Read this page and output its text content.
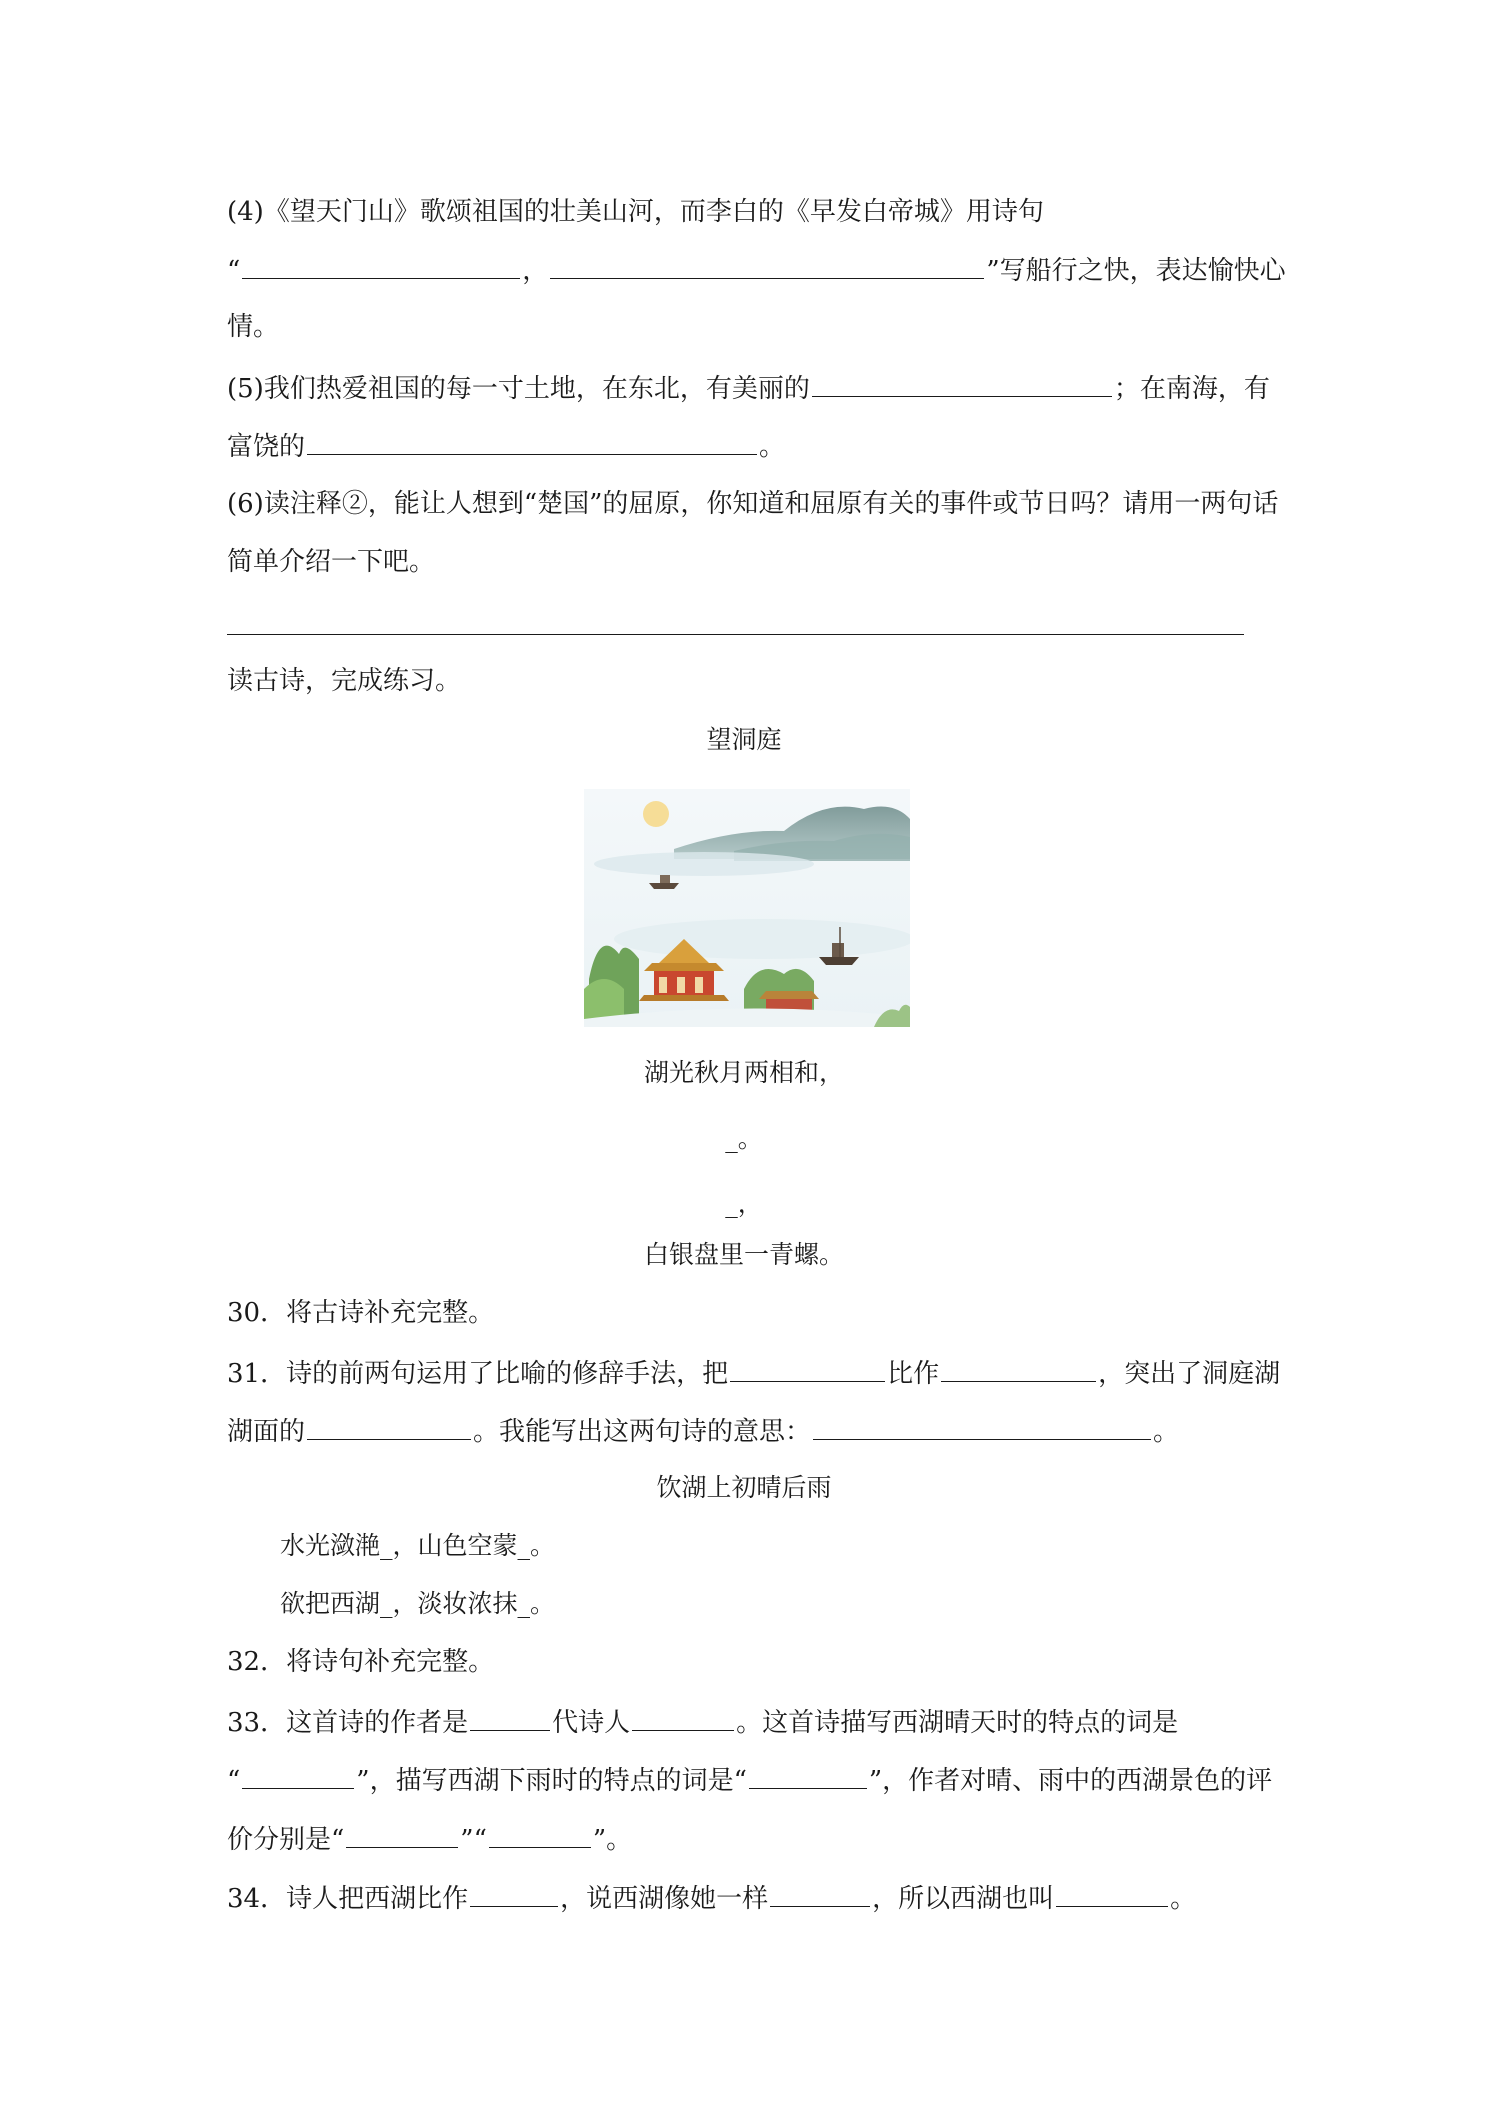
(4)《望天门山》歌颂祖国的壮美山河，而李白的《早发白帝城》用诗句
“	，	”写船行之快，表达愉快心
情。
(5)我们热爱祖国的每一寸土地，在东北，有美丽的	；在南海，有
富饶的	。
(6)读注释②，能让人想到“楚国”的屈原，你知道和屈原有关的事件或节日吗？请用一两句话
简单介绍一下吧。
读古诗，完成练习。
望洞庭
湖光秋月两相和，
_。
_，
白银盘里一青螺。
30．将古诗补充完整。
31．诗的前两句运用了比喻的修辞手法，把	比作	，突出了洞庭湖
湖面的	。我能写出这两句诗的意思：	。
饮湖上初晴后雨
水光潋滟_，山色空蒙_。
欲把西湖_，淡妆浓抹_。
32．将诗句补充完整。
33．这首诗的作者是	代诗人	。这首诗描写西湖晴天时的特点的词是
“	”，描写西湖下雨时的特点的词是“	”，作者对晴、雨中的西湖景色的评
价分别是“	”“	”。
34．诗人把西湖比作	，说西湖像她一样	，所以西湖也叫	。
